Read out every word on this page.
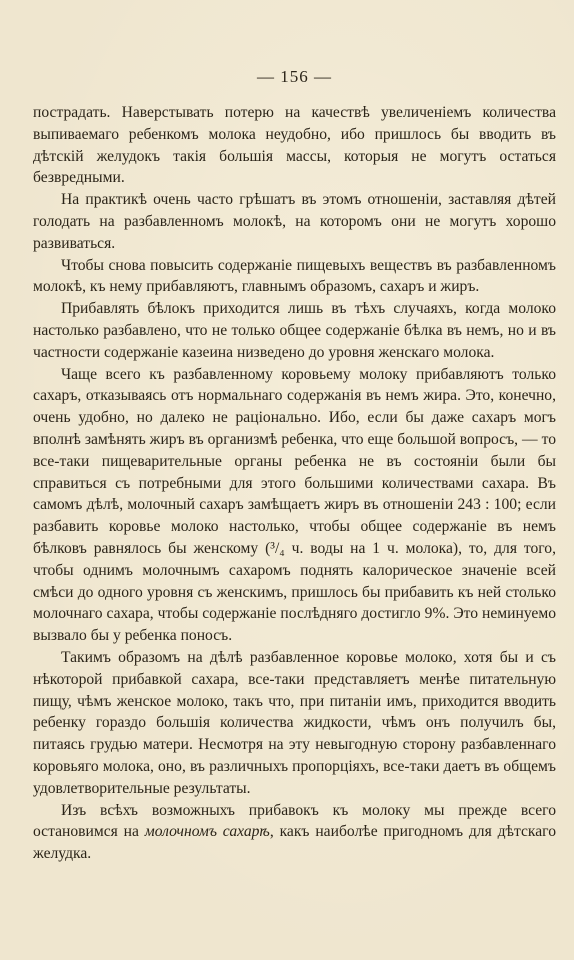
— 156 —

пострадать. Наверстывать потерю на качествѣ увеличеніемъ количества выпиваемаго ребенкомъ молока неудобно, ибо пришлось бы вводить въ дѣтскій желудокъ такія большія массы, которыя не могутъ остаться безвредными.

На практикѣ очень часто грѣшатъ въ этомъ отношеніи, заставляя дѣтей голодать на разбавленномъ молокѣ, на которомъ они не могутъ хорошо развиваться.

Чтобы снова повысить содержаніе пищевыхъ веществъ въ разбавленномъ молокѣ, къ нему прибавляютъ, главнымъ образомъ, сахаръ и жиръ.

Прибавлять бѣлокъ приходится лишь въ тѣхъ случаяхъ, когда молоко настолько разбавлено, что не только общее содержаніе бѣлка въ немъ, но и въ частности содержаніе казеина низведено до уровня женскаго молока.

Чаще всего къ разбавленному коровьему молоку прибавляютъ только сахаръ, отказываясь отъ нормальнаго содержанія въ немъ жира. Это, конечно, очень удобно, но далеко не раціонально. Ибо, если бы даже сахаръ могъ вполнѣ замѣнять жиръ въ организмѣ ребенка, что еще большой вопросъ, — то все-таки пищеварительные органы ребенка не въ состояніи были бы справиться съ потребными для этого большими количествами сахара. Въ самомъ дѣлѣ, молочный сахаръ замѣщаетъ жиръ въ отношеніи 243 : 100; если разбавить коровье молоко настолько, чтобы общее содержаніе въ немъ бѣлковъ равнялось бы женскому (³/₄ ч. воды на 1 ч. молока), то, для того, чтобы однимъ молочнымъ сахаромъ поднять калорическое значеніе всей смѣси до одного уровня съ женскимъ, пришлось бы прибавить къ ней столько молочнаго сахара, чтобы содержаніе послѣдняго достигло 9%. Это неминуемо вызвало бы у ребенка поносъ.

Такимъ образомъ на дѣлѣ разбавленное коровье молоко, хотя бы и съ нѣкоторой прибавкой сахара, все-таки представляетъ менѣе питательную пищу, чѣмъ женское молоко, такъ что, при питаніи имъ, приходится вводить ребенку гораздо большія количества жидкости, чѣмъ онъ получилъ бы, питаясь грудью матери. Несмотря на эту невыгодную сторону разбавленнаго коровьяго молока, оно, въ различныхъ пропорціяхъ, все-таки даетъ въ общемъ удовлетворительные результаты.

Изъ всѣхъ возможныхъ прибавокъ къ молоку мы прежде всего остановимся на молочномъ сахарѣ, какъ наиболѣе пригодномъ для дѣтскаго желудка.
